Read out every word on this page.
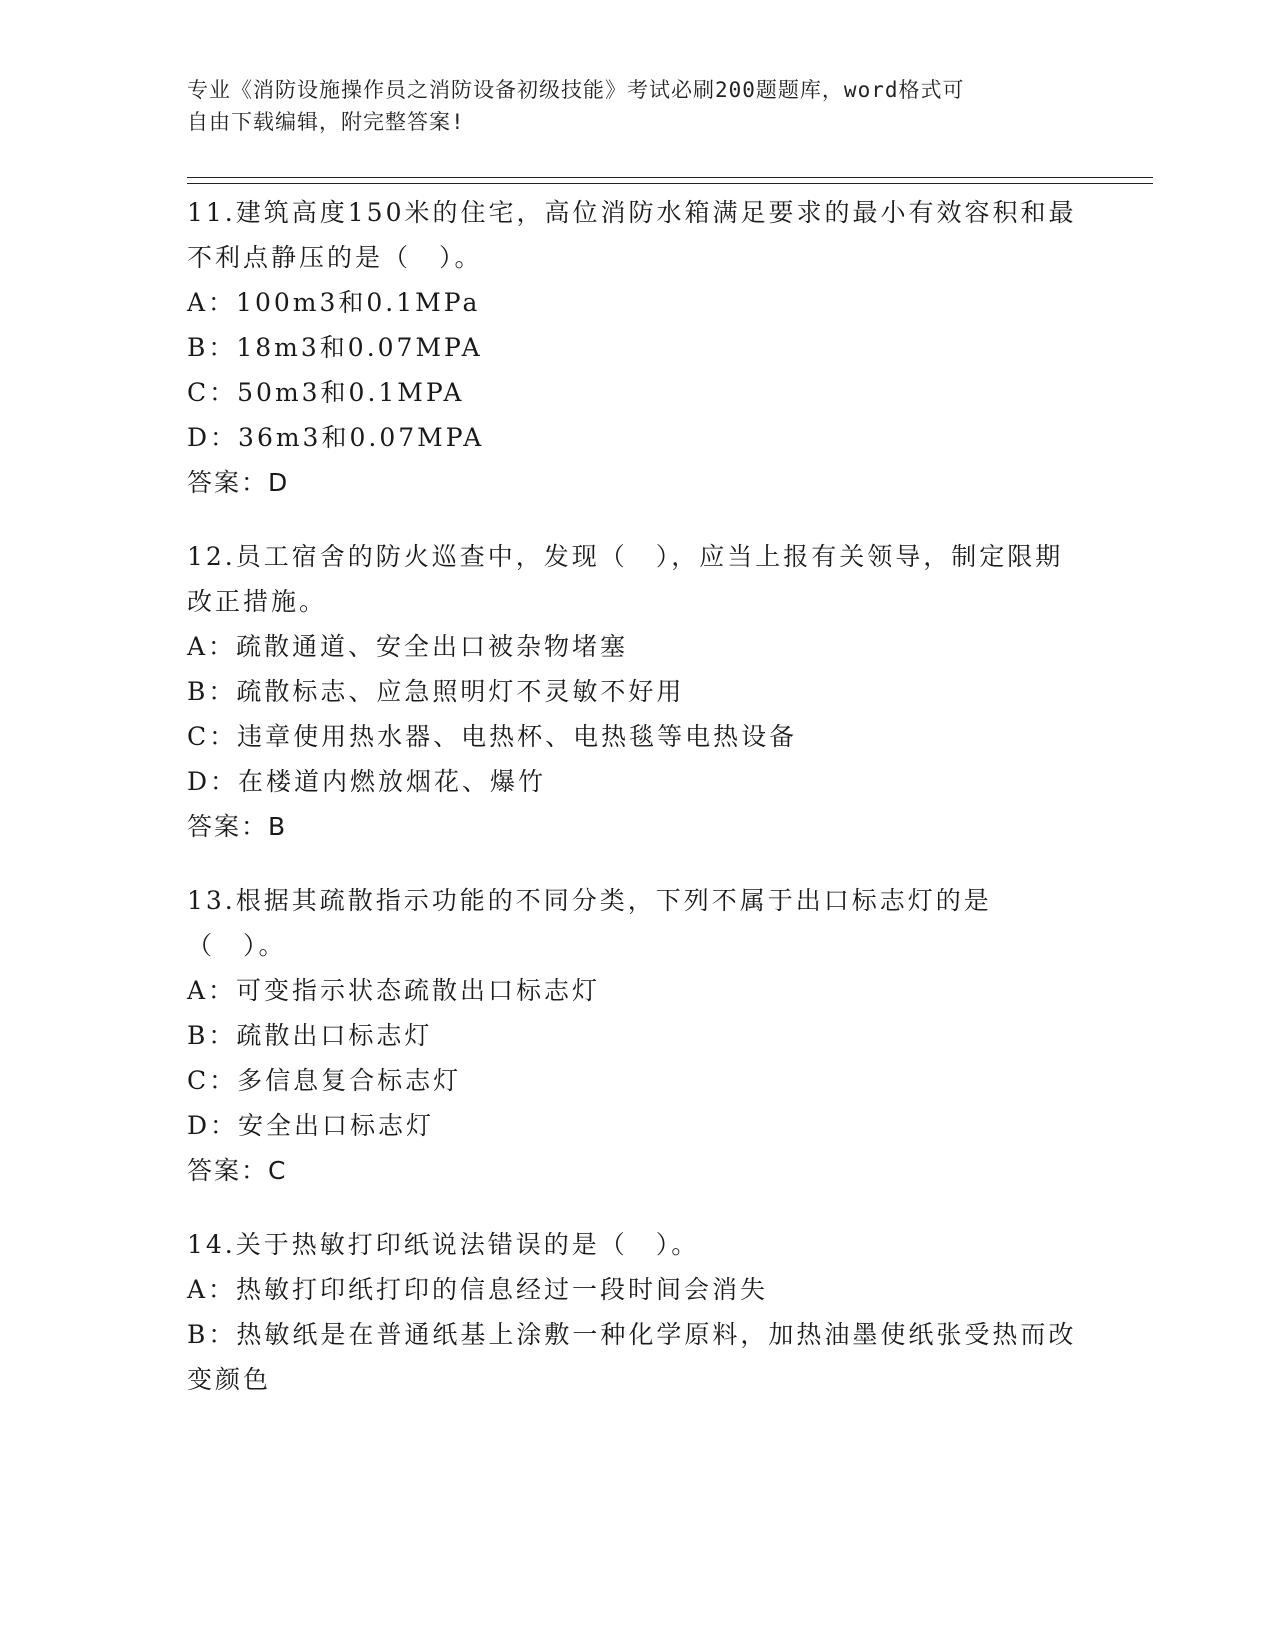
专业《消防设施操作员之消防设备初级技能》考试必刷200题题库，word格式可
自由下载编辑，附完整答案!

11.建筑高度150米的住宅，高位消防水箱满足要求的最小有效容积和最不利点静压的是（　）。

A：100m3和0.1MPa

B：18m3和0.07MPA

C：50m3和0.1MPA

D：36m3和0.07MPA

答案：D

12.员工宿舍的防火巡查中，发现（　），应当上报有关领导，制定限期改正措施。

A：疏散通道、安全出口被杂物堵塞

B：疏散标志、应急照明灯不灵敏不好用

C：违章使用热水器、电热杯、电热毯等电热设备

D：在楼道内燃放烟花、爆竹

答案：B

13.根据其疏散指示功能的不同分类，下列不属于出口标志灯的是（　）。

A：可变指示状态疏散出口标志灯

B：疏散出口标志灯

C：多信息复合标志灯

D：安全出口标志灯

答案：C

14.关于热敏打印纸说法错误的是（　）。

A：热敏打印纸打印的信息经过一段时间会消失

B：热敏纸是在普通纸基上涂敷一种化学原料，加热油墨使纸张受热而改变颜色
